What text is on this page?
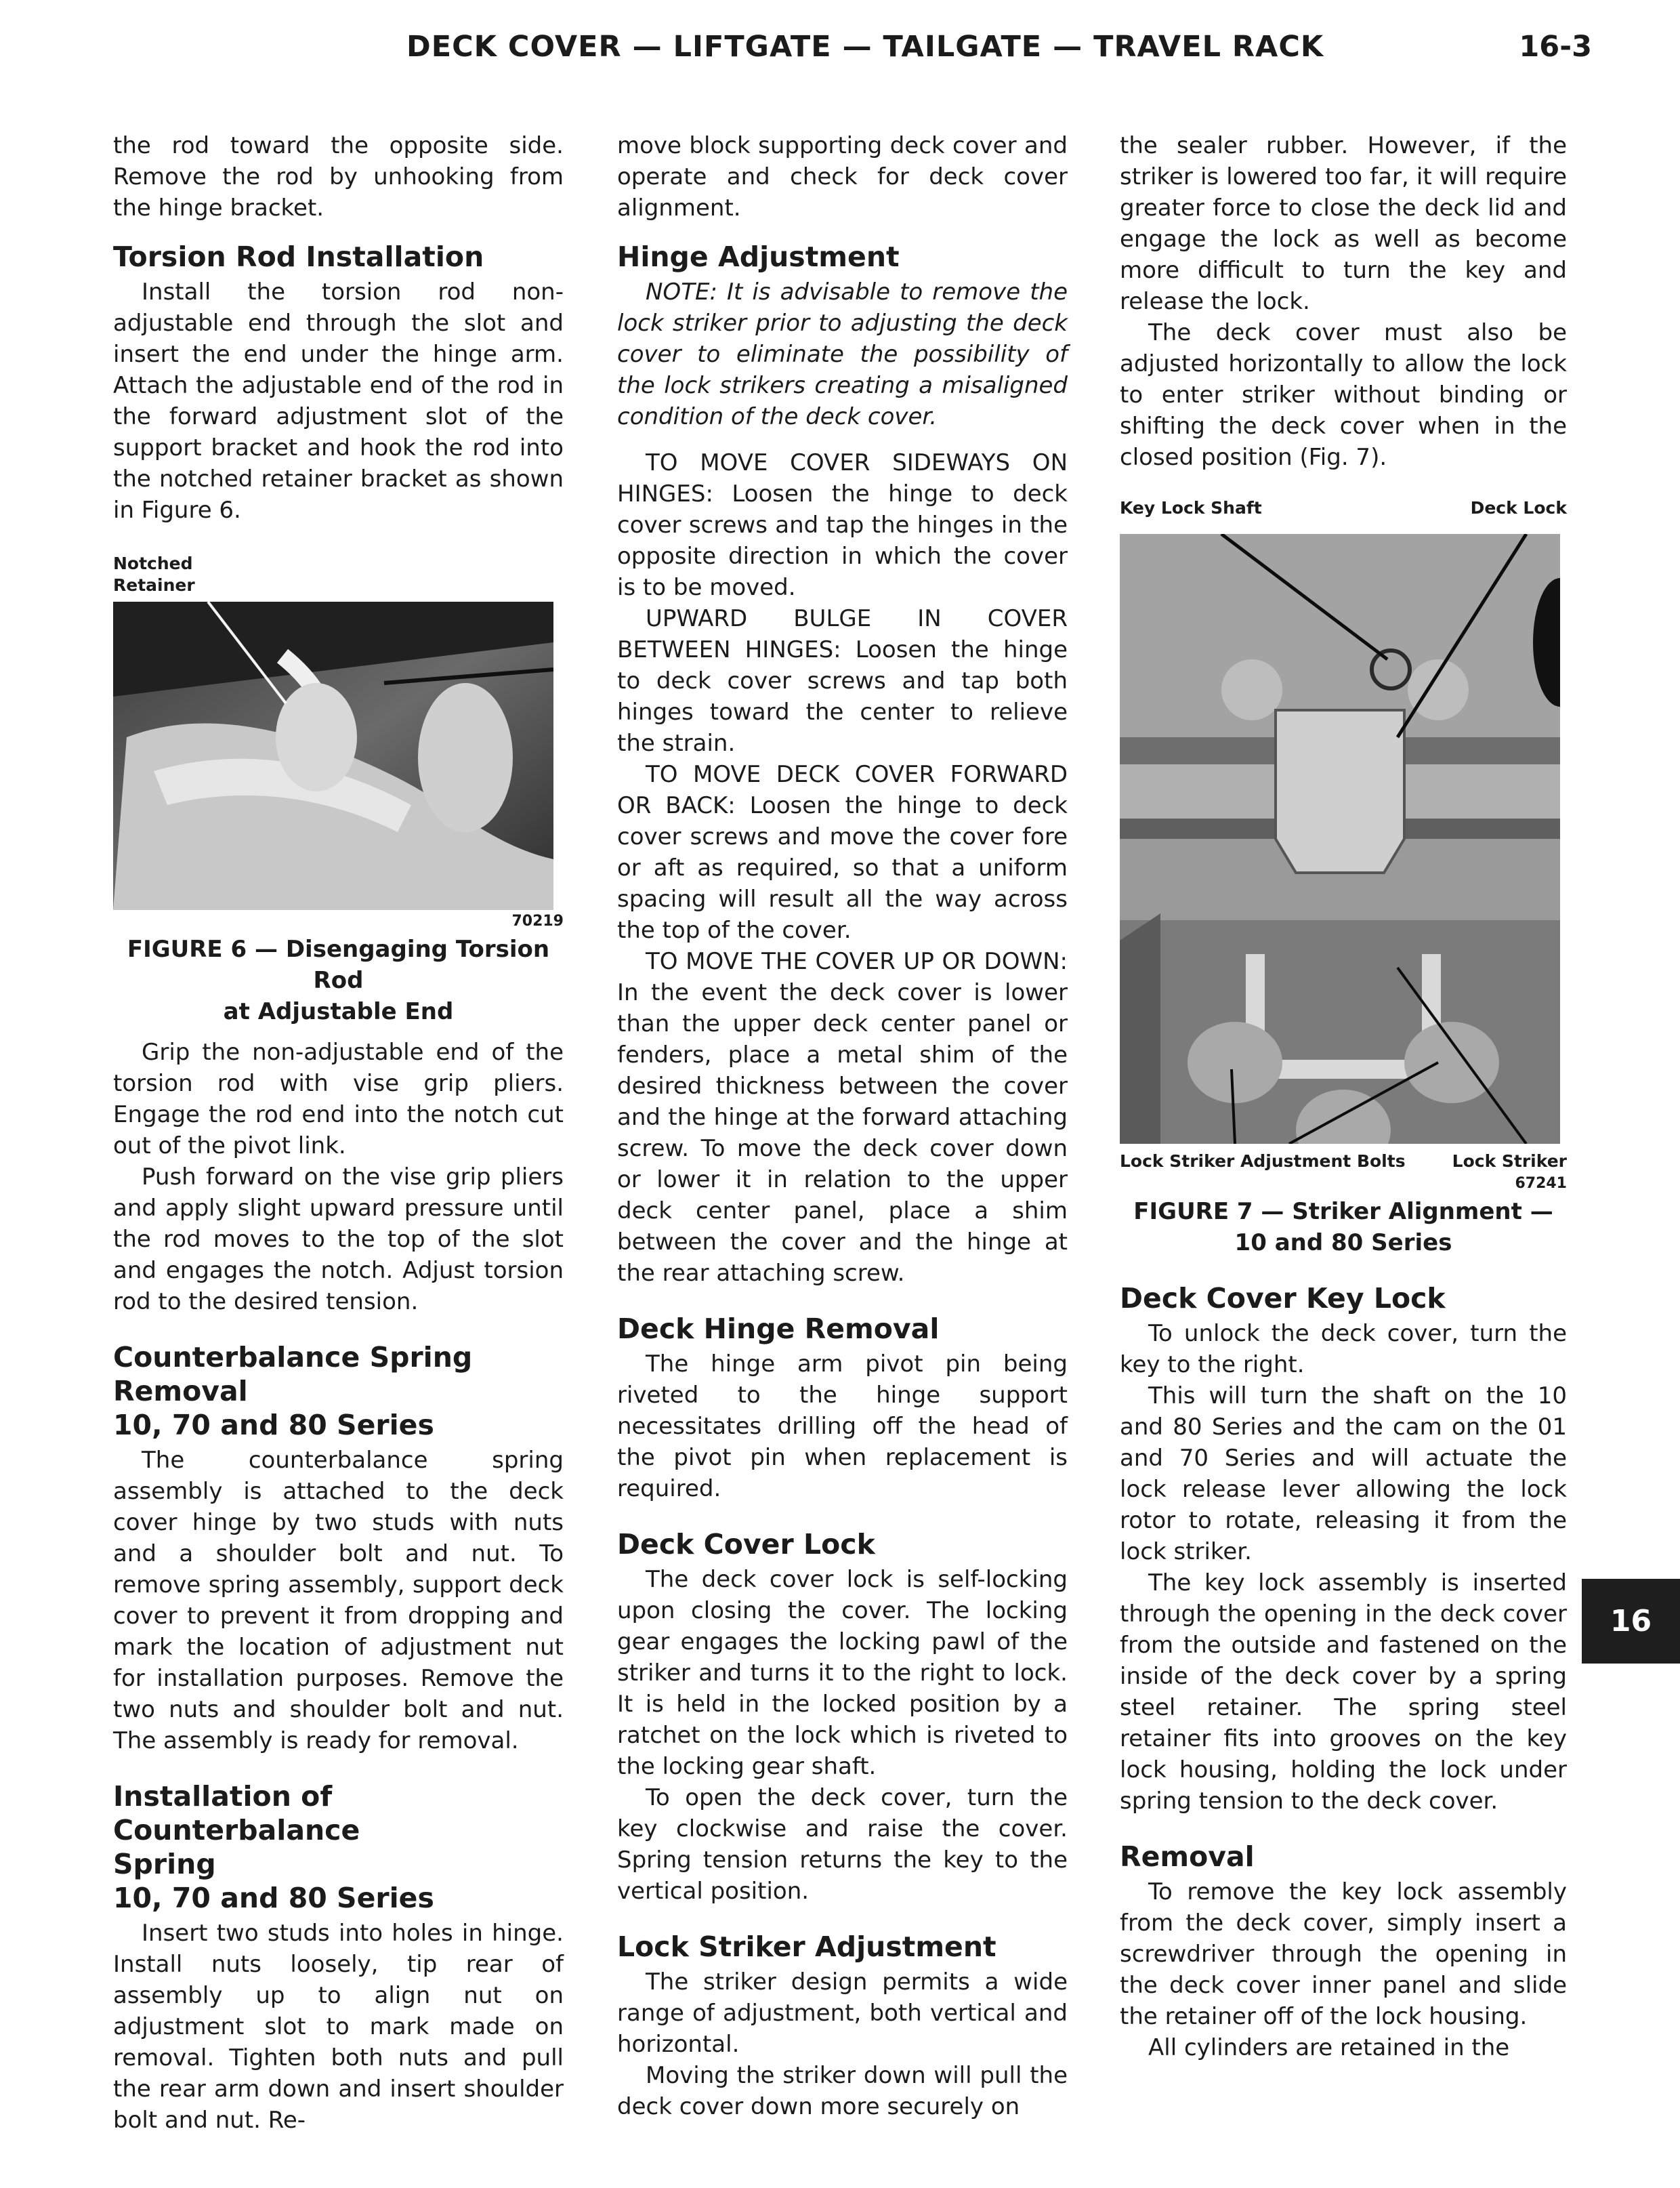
DECK COVER — LIFTGATE — TAILGATE — TRAVEL RACK	16-3

the rod toward the opposite side. Remove the rod by unhooking from the hinge bracket.

Torsion Rod Installation

Install the torsion rod non-adjustable end through the slot and insert the end under the hinge arm. Attach the adjustable end of the rod in the forward adjustment slot of the support bracket and hook the rod into the notched retainer bracket as shown in Figure 6.

Notched
Retainer
70219
FIGURE 6 — Disengaging Torsion Rod
at Adjustable End

Grip the non-adjustable end of the torsion rod with vise grip pliers. Engage the rod end into the notch cut out of the pivot link.

Push forward on the vise grip pliers and apply slight upward pressure until the rod moves to the top of the slot and engages the notch. Adjust torsion rod to the desired tension.

Counterbalance Spring
Removal
10, 70 and 80 Series

The counterbalance spring assembly is attached to the deck cover hinge by two studs with nuts and a shoulder bolt and nut. To remove spring assembly, support deck cover to prevent it from dropping and mark the location of adjustment nut for installation purposes. Remove the two nuts and shoulder bolt and nut. The assembly is ready for removal.

Installation of Counterbalance
Spring
10, 70 and 80 Series

Insert two studs into holes in hinge. Install nuts loosely, tip rear of assembly up to align nut on adjustment slot to mark made on removal. Tighten both nuts and pull the rear arm down and insert shoulder bolt and nut. Re-

move block supporting deck cover and operate and check for deck cover alignment.

Hinge Adjustment

NOTE: It is advisable to remove the lock striker prior to adjusting the deck cover to eliminate the possibility of the lock strikers creating a misaligned condition of the deck cover.

TO MOVE COVER SIDEWAYS ON HINGES: Loosen the hinge to deck cover screws and tap the hinges in the opposite direction in which the cover is to be moved.

UPWARD BULGE IN COVER BETWEEN HINGES: Loosen the hinge to deck cover screws and tap both hinges toward the center to relieve the strain.

TO MOVE DECK COVER FORWARD OR BACK: Loosen the hinge to deck cover screws and move the cover fore or aft as required, so that a uniform spacing will result all the way across the top of the cover.

TO MOVE THE COVER UP OR DOWN: In the event the deck cover is lower than the upper deck center panel or fenders, place a metal shim of the desired thickness between the cover and the hinge at the forward attaching screw. To move the deck cover down or lower it in relation to the upper deck center panel, place a shim between the cover and the hinge at the rear attaching screw.

Deck Hinge Removal

The hinge arm pivot pin being riveted to the hinge support necessitates drilling off the head of the pivot pin when replacement is required.

Deck Cover Lock

The deck cover lock is self-locking upon closing the cover. The locking gear engages the locking pawl of the striker and turns it to the right to lock. It is held in the locked position by a ratchet on the lock which is riveted to the locking gear shaft.

To open the deck cover, turn the key clockwise and raise the cover. Spring tension returns the key to the vertical position.

Lock Striker Adjustment

The striker design permits a wide range of adjustment, both vertical and horizontal.

Moving the striker down will pull the deck cover down more securely on

the sealer rubber. However, if the striker is lowered too far, it will require greater force to close the deck lid and engage the lock as well as become more difficult to turn the key and release the lock.

The deck cover must also be adjusted horizontally to allow the lock to enter striker without binding or shifting the deck cover when in the closed position (Fig. 7).

Key Lock Shaft	Deck Lock
Lock Striker Adjustment Bolts	Lock Striker
67241
FIGURE 7 — Striker Alignment —
10 and 80 Series
Deck Cover Key Lock

To unlock the deck cover, turn the key to the right.

This will turn the shaft on the 10 and 80 Series and the cam on the 01 and 70 Series and will actuate the lock release lever allowing the lock rotor to rotate, releasing it from the lock striker.

The key lock assembly is inserted through the opening in the deck cover from the outside and fastened on the inside of the deck cover by a spring steel retainer. The spring steel retainer fits into grooves on the key lock housing, holding the lock under spring tension to the deck cover.

Removal

To remove the key lock assembly from the deck cover, simply insert a screwdriver through the opening in the deck cover inner panel and slide the retainer off of the lock housing.

All cylinders are retained in the

16
